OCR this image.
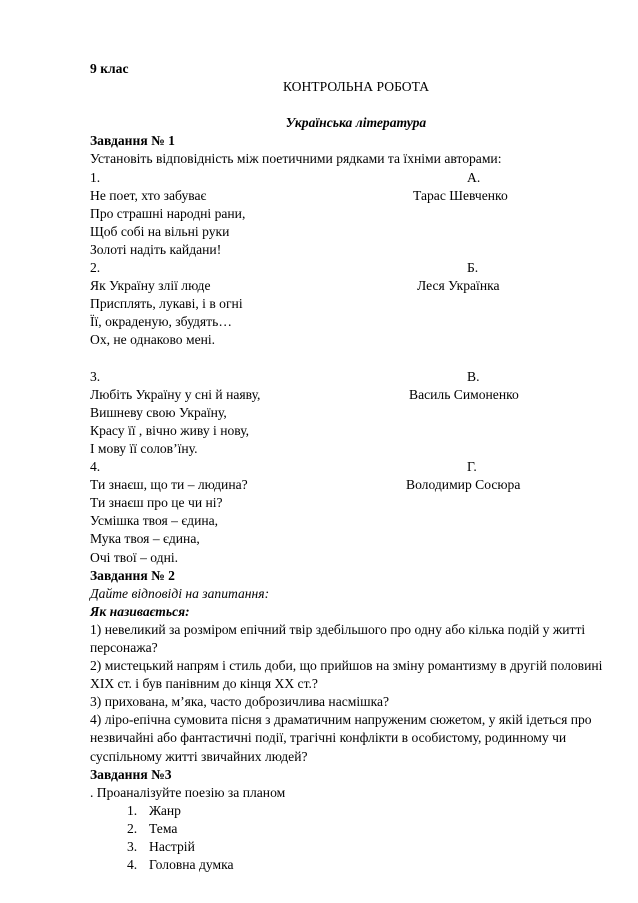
9 клас
КОНТРОЛЬНА РОБОТА
Українська література
Завдання № 1
Установіть відповідність між поетичними рядками та їхніми авторами:
1.	А.
Не поет, хто забуває	Тарас Шевченко
Про страшні народні рани,
Щоб собі на вільні руки
Золоті надіть кайдани!
2.	Б.
Як Україну злії люде	Леся Українка
Присплять, лукаві, і в огні
Її, окраденую, збудять…
Ох, не однаково мені.
3.	В.
Любіть Україну у сні й наяву,	Василь Симоненко
Вишневу свою Україну,
Красу її , вічно живу і нову,
І мову її солов’їну.
4.	Г.
Ти знаєш, що ти – людина?	Володимир Сосюра
Ти знаєш про це чи ні?
Усмішка твоя – єдина,
Мука твоя – єдина,
Очі твої – одні.
Завдання № 2
Дайте відповіді на запитання:
Як називається:
1) невеликий за розміром епічний твір здебільшого про одну або кілька подій у житті персонажа?
2) мистецький напрям і стиль доби, що прийшов на зміну романтизму в другій половині ХІХ ст. і був панівним до кінця ХХ ст.?
3) прихована, м’яка, часто доброзичлива насмішка?
4) ліро-епічна сумовита пісня з драматичним напруженим сюжетом, у якій ідеться про незвичайні або фантастичні події, трагічні конфлікти в особистому, родинному чи суспільному житті звичайних людей?
Завдання №3
. Проаналізуйте поезію за планом
1. Жанр
2. Тема
3. Настрій
4. Головна думка
